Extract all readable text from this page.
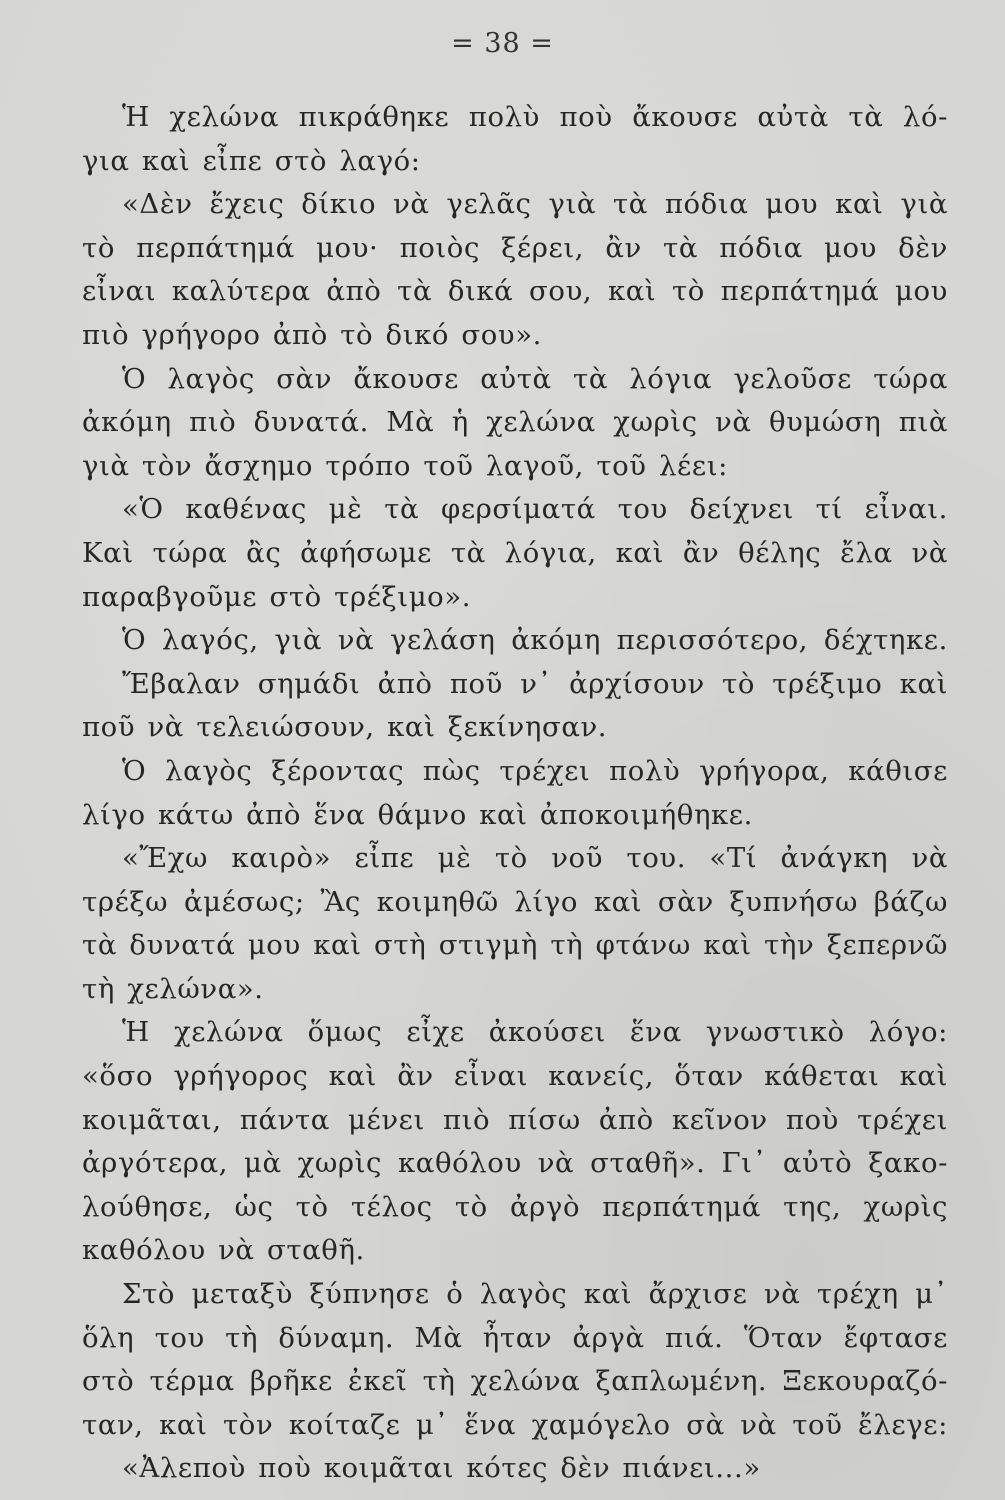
= 38 =
Ἡ χελώνα πικράθηκε πολὺ ποὺ ἄκουσε αὐτὰ τὰ λό-
για καὶ εἶπε στὸ λαγό:
«Δὲν ἔχεις δίκιο νὰ γελᾶς γιὰ τὰ πόδια μου καὶ γιὰ
τὸ περπάτημά μου· ποιὸς ξέρει, ἂν τὰ πόδια μου δὲν
εἶναι καλύτερα ἀπὸ τὰ δικά σου, καὶ τὸ περπάτημά μου
πιὸ γρήγορο ἀπὸ τὸ δικό σου».
Ὁ λαγὸς σὰν ἄκουσε αὐτὰ τὰ λόγια γελοῦσε τώρα
ἀκόμη πιὸ δυνατά. Μὰ ἡ χελώνα χωρὶς νὰ θυμώση πιὰ
γιὰ τὸν ἄσχημο τρόπο τοῦ λαγοῦ, τοῦ λέει:
«Ὁ καθένας μὲ τὰ φερσίματά του δείχνει τί εἶναι.
Καὶ τώρα ἂς ἀφήσωμε τὰ λόγια, καὶ ἂν θέλης ἔλα νὰ
παραβγοῦμε στὸ τρέξιμο».
Ὁ λαγός, γιὰ νὰ γελάση ἀκόμη περισσότερο, δέχτηκε.
Ἔβαλαν σημάδι ἀπὸ ποῦ ν᾿ ἀρχίσουν τὸ τρέξιμο καὶ
ποῦ νὰ τελειώσουν, καὶ ξεκίνησαν.
Ὁ λαγὸς ξέροντας πὼς τρέχει πολὺ γρήγορα, κάθισε
λίγο κάτω ἀπὸ ἕνα θάμνο καὶ ἀποκοιμήθηκε.
«Ἔχω καιρὸ» εἶπε μὲ τὸ νοῦ του. «Τί ἀνάγκη νὰ
τρέξω ἀμέσως; Ἂς κοιμηθῶ λίγο καὶ σὰν ξυπνήσω βάζω
τὰ δυνατά μου καὶ στὴ στιγμὴ τὴ φτάνω καὶ τὴν ξεπερνῶ
τὴ χελώνα».
Ἡ χελώνα ὅμως εἶχε ἀκούσει ἕνα γνωστικὸ λόγο:
«ὅσο γρήγορος καὶ ἂν εἶναι κανείς, ὅταν κάθεται καὶ
κοιμᾶται, πάντα μένει πιὸ πίσω ἀπὸ κεῖνον ποὺ τρέχει
ἀργότερα, μὰ χωρὶς καθόλου νὰ σταθῆ». Γι᾿ αὐτὸ ξακο-
λούθησε, ὡς τὸ τέλος τὸ ἀργὸ περπάτημά της, χωρὶς
καθόλου νὰ σταθῆ.
Στὸ μεταξὺ ξύπνησε ὁ λαγὸς καὶ ἄρχισε νὰ τρέχη μ᾿
ὅλη του τὴ δύναμη. Μὰ ἦταν ἀργὰ πιά. Ὅταν ἔφτασε
στὸ τέρμα βρῆκε ἐκεῖ τὴ χελώνα ξαπλωμένη. Ξεκουραζό-
ταν, καὶ τὸν κοίταζε μ᾿ ἕνα χαμόγελο σὰ νὰ τοῦ ἔλεγε:
«Ἀλεποὺ ποὺ κοιμᾶται κότες δὲν πιάνει...»
